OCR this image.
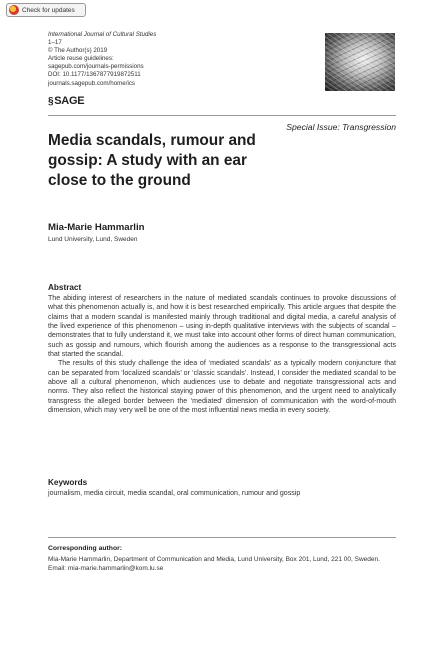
Check for updates
International Journal of Cultural Studies
1–17
© The Author(s) 2019
Article reuse guidelines:
sagepub.com/journals-permissions
DOI: 10.1177/1367877919872511
journals.sagepub.com/home/ics
§ SAGE
Special Issue: Transgression
Media scandals, rumour and gossip: A study with an ear close to the ground
Mia-Marie Hammarlin
Lund University, Lund, Sweden
Abstract

The abiding interest of researchers in the nature of mediated scandals continues to provoke discussions of what this phenomenon actually is, and how it is best researched empirically. This article argues that despite the claims that a modern scandal is manifested mainly through traditional and digital media, a careful analysis of the lived experience of this phenomenon – using in-depth qualitative interviews with the subjects of scandal – demonstrates that to fully understand it, we must take into account other forms of direct human communication, such as gossip and rumours, which flourish among the audiences as a response to the transgressional acts that started the scandal.

The results of this study challenge the idea of ‘mediated scandals’ as a typically modern conjuncture that can be separated from ‘localized scandals’ or ‘classic scandals’. Instead, I consider the mediated scandal to be above all a cultural phenomenon, which audiences use to debate and negotiate transgressional acts and norms. They also reflect the historical staying power of this phenomenon, and the urgent need to analytically transgress the alleged border between the ‘mediated’ dimension of communication with the word-of-mouth dimension, which may very well be one of the most influential news media in every society.

Keywords
journalism, media circuit, media scandal, oral communication, rumour and gossip
Corresponding author:
Mia-Marie Hammarlin, Department of Communication and Media, Lund University, Box 201, Lund, 221 00, Sweden.
Email: mia-marie.hammarlin@kom.lu.se
